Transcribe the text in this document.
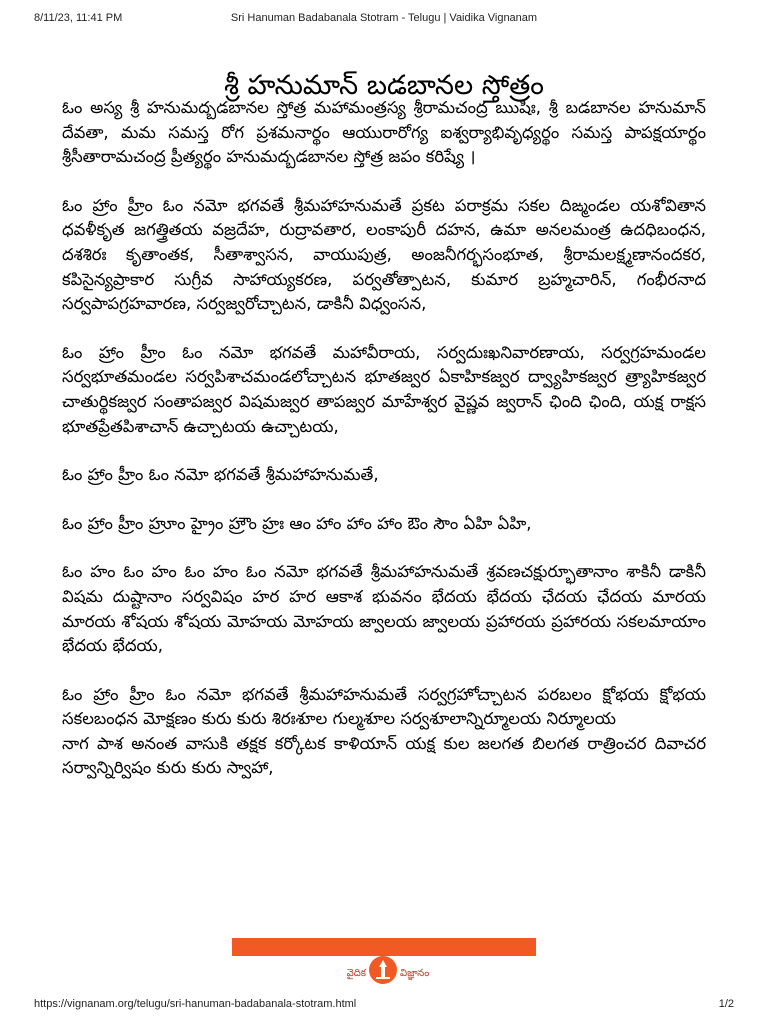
8/11/23, 11:41 PM	Sri Hanuman Badabanala Stotram - Telugu | Vaidika Vignanam
శ్రీ హనుమాన్ బడబానల స్తోత్రం

ఓం అస్య శ్రీ హనుమద్బడబానల స్తోత్ర మహామంత్రస్య శ్రీరామచంద్ర ఋషిః, శ్రీ బడబానల హనుమాన్ దేవతా, మమ సమస్త రోగ ప్రశమనార్థం ఆయురారోగ్య ఐశ్వర్యాభివృధ్యర్థం సమస్త పాపక్షయార్థం శ్రీసీతారామచంద్ర ప్రీత్యర్థం హనుమద్బడబానల స్తోత్ర జపం కరిష్యే ।

ఓం హ్రాం హ్రీం ఓం నమో భగవతే శ్రీమహాహనుమతే ప్రకట పరాక్రమ సకల దిఙ్మండల యశోవితాన ధవళీకృత జగత్త్రితయ వజ్రదేహ, రుద్రావతార, లంకాపురీ దహన, ఉమా అనలమంత్ర ఉదధిబంధన, దశశిరః కృతాంతక, సీతాశ్వాసన, వాయుపుత్ర, అంజనీగర్భసంభూత, శ్రీరామలక్ష్మణానందకర, కపిసైన్యప్రాకార సుగ్రీవ సాహాయ్యకరణ, పర్వతోత్పాటన, కుమార బ్రహ్మచారిన్, గంభీరనాద సర్వపాపగ్రహవారణ, సర్వజ్వరోచ్చాటన, డాకినీ విధ్వంసన,

ఓం హ్రాం హ్రీం ఓం నమో భగవతే మహావీరాయ, సర్వదుఃఖనివారణాయ, సర్వగ్రహమండల సర్వభూతమండల సర్వపిశాచమండలోచ్చాటన భూతజ్వర ఏకాహికజ్వర ద్వ్యాహికజ్వర త్ర్యాహికజ్వర చాతుర్థికజ్వర సంతాపజ్వర విషమజ్వర తాపజ్వర మాహేశ్వర వైష్ణవ జ్వరాన్ ఛింది ఛింది, యక్ష రాక్షస భూతప్రేతపిశాచాన్ ఉచ్చాటయ ఉచ్చాటయ,

ఓం హ్రాం హ్రీం ఓం నమో భగవతే శ్రీమహాహనుమతే,

ఓం హ్రాం హ్రీం హ్రూం హ్రైం హ్రౌం హ్రః ఆం హాం హాం హాం ఔం సౌం ఏహి ఏహి,

ఓం హం ఓం హం ఓం హం ఓం నమో భగవతే శ్రీమహాహనుమతే శ్రవణచక్షుర్భూతానాం శాకినీ డాకినీ విషమ దుష్టానాం సర్వవిషం హర హర ఆకాశ భువనం భేదయ భేదయ ఛేదయ ఛేదయ మారయ మారయ శోషయ శోషయ మోహయ మోహయ జ్వాలయ జ్వాలయ ప్రహారయ ప్రహారయ సకలమాయాం భేదయ భేదయ,

ఓం హ్రాం హ్రీం ఓం నమో భగవతే శ్రీమహాహనుమతే సర్వగ్రహోచ్చాటన పరబలం క్షోభయ క్షోభయ సకలబంధన మోక్షణం కురు కురు శిరఃశూల గుల్మశూల సర్వశూలాన్నిర్మూలయ నిర్మూలయ

నాగ పాశ అనంత వాసుకి తక్షక కర్కోటక కాళియాన్ యక్ష కుల జలగత బిలగత రాత్రించర దివాచర సర్వాన్నిర్విషం కురు కురు స్వాహా,

వైదిక	విజ్ఞానం
https://vignanam.org/telugu/sri-hanuman-badabanala-stotram.html	1/2
